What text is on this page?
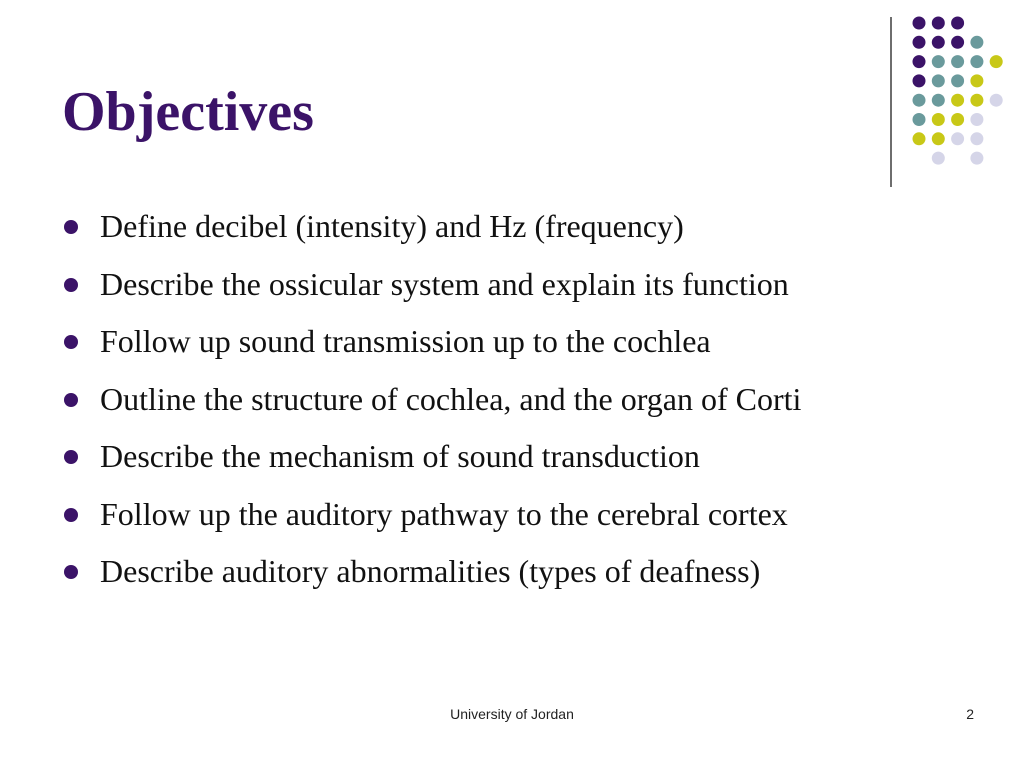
Objectives
Define decibel (intensity) and Hz (frequency)
Describe the ossicular system and explain its function
Follow up sound transmission up to the cochlea
Outline the structure of cochlea, and the organ of Corti
Describe the mechanism of sound transduction
Follow up the auditory pathway to the cerebral cortex
Describe auditory abnormalities (types of deafness)
University of Jordan	2
